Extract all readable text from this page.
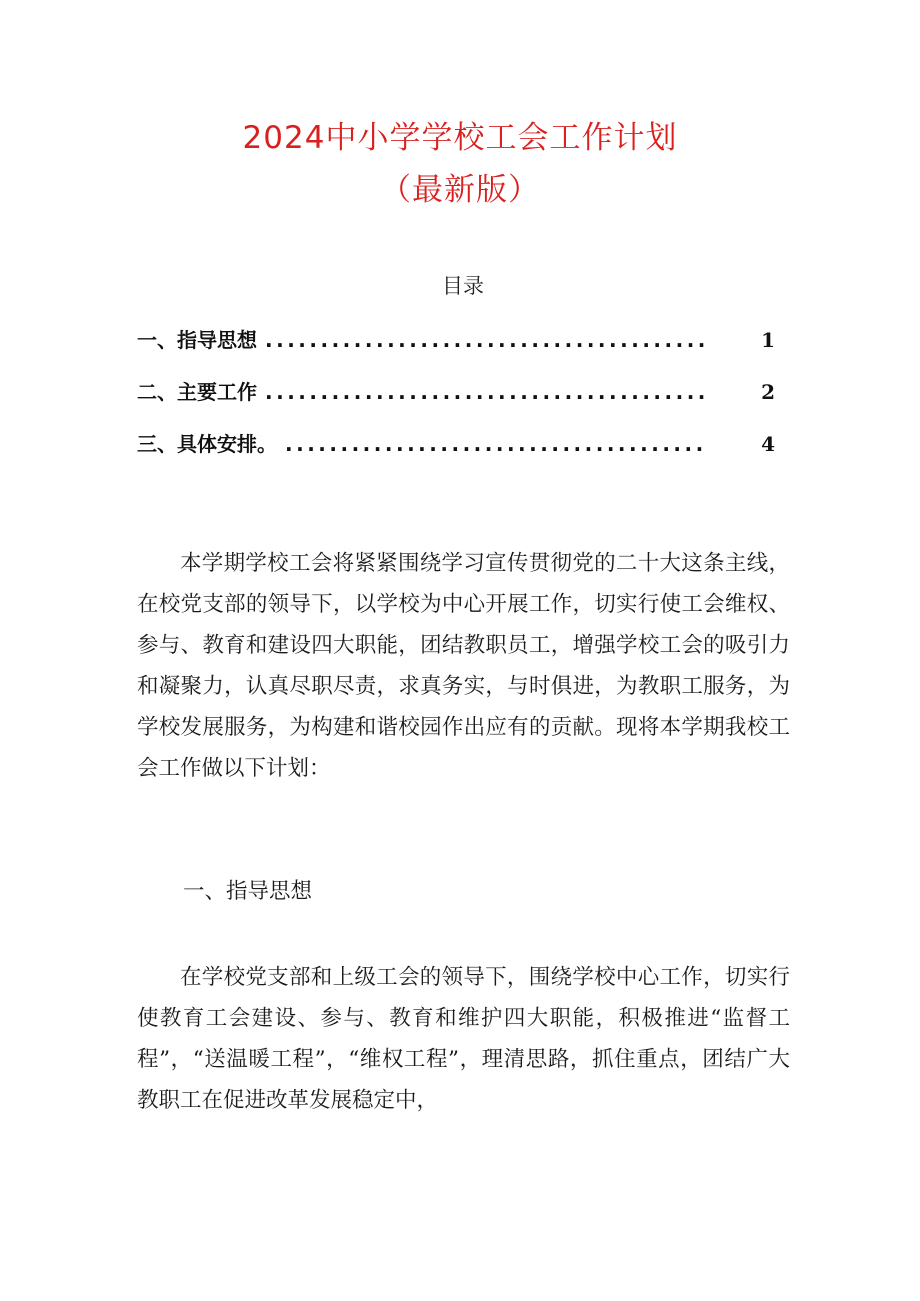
2024中小学学校工会工作计划
（最新版）
目录
一、指导思想 ........................................	1
二、主要工作 ........................................	2
三、具体安排。 ......................................	4

本学期学校工会将紧紧围绕学习宣传贯彻党的二十大这条主线，在校党支部的领导下，以学校为中心开展工作，切实行使工会维权、参与、教育和建设四大职能，团结教职员工，增强学校工会的吸引力和凝聚力，认真尽职尽责，求真务实，与时俱进，为教职工服务，为学校发展服务，为构建和谐校园作出应有的贡献。现将本学期我校工会工作做以下计划：

一、指导思想

在学校党支部和上级工会的领导下，围绕学校中心工作，切实行使教育工会建设、参与、教育和维护四大职能，积极推进“监督工程”，“送温暖工程”，“维权工程”，理清思路，抓住重点，团结广大教职工在促进改革发展稳定中，
